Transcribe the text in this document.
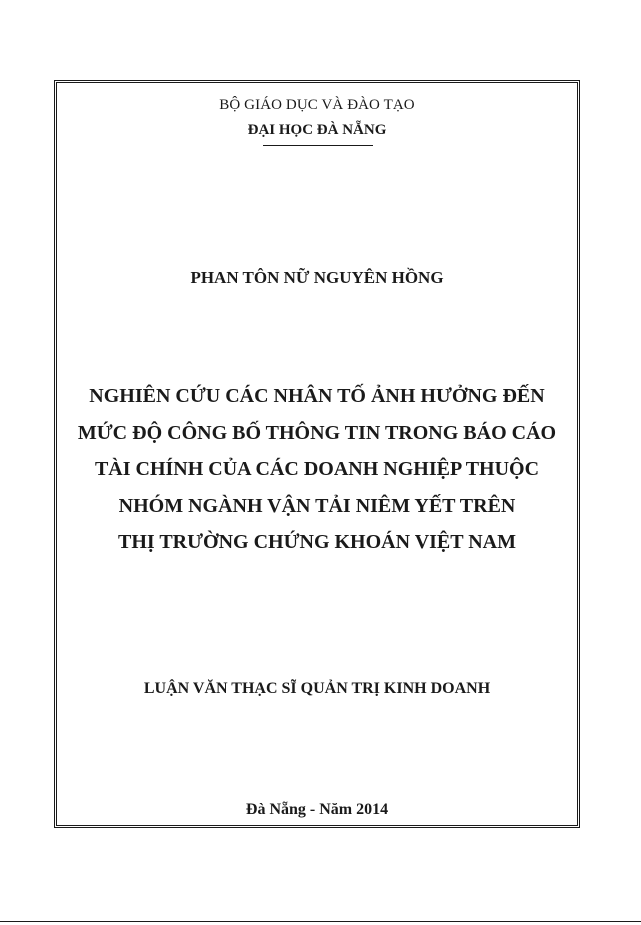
BỘ GIÁO DỤC VÀ ĐÀO TẠO
ĐẠI HỌC ĐÀ NẴNG
PHAN TÔN NỮ NGUYÊN HỒNG
NGHIÊN CỨU CÁC NHÂN TỐ ẢNH HƯỞNG ĐẾN
MỨC ĐỘ CÔNG BỐ THÔNG TIN TRONG BÁO CÁO
TÀI CHÍNH CỦA CÁC DOANH NGHIỆP THUỘC
NHÓM NGÀNH VẬN TẢI NIÊM YẾT TRÊN
THỊ TRƯỜNG CHỨNG KHOÁN VIỆT NAM
LUẬN VĂN THẠC SĨ QUẢN TRỊ KINH DOANH
Đà Nẵng - Năm 2014
